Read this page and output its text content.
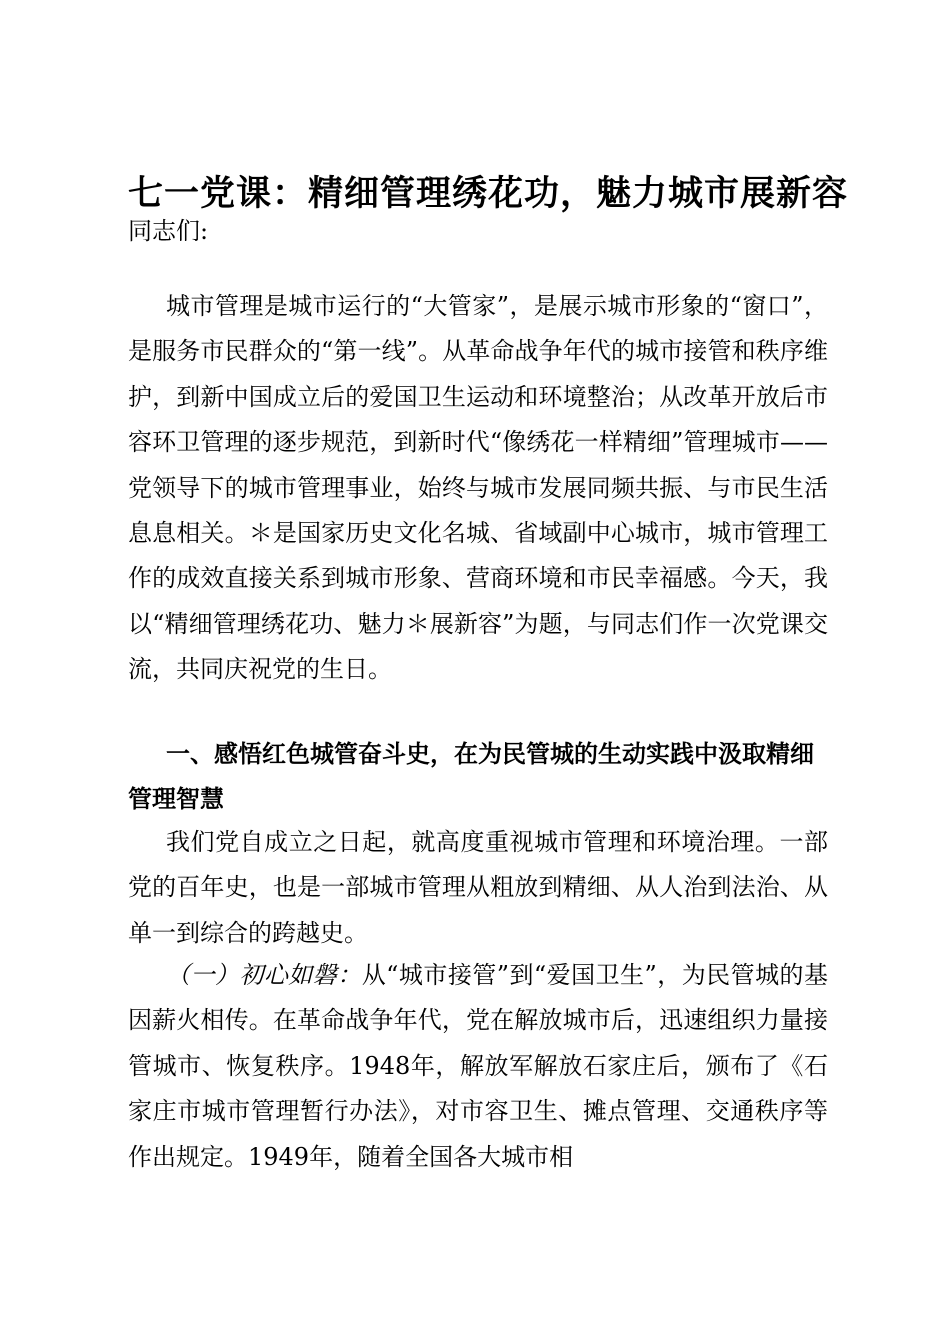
七一党课：精细管理绣花功，魅力城市展新容

同志们:

城市管理是城市运行的“大管家”，是展示城市形象的“窗口”，是服务市民群众的“第一线”。从革命战争年代的城市接管和秩序维护，到新中国成立后的爱国卫生运动和环境整治；从改革开放后市容环卫管理的逐步规范，到新时代“像绣花一样精细”管理城市——党领导下的城市管理事业，始终与城市发展同频共振、与市民生活息息相关。＊是国家历史文化名城、省域副中心城市，城市管理工作的成效直接关系到城市形象、营商环境和市民幸福感。今天，我以“精细管理绣花功、魅力＊展新容”为题，与同志们作一次党课交流，共同庆祝党的生日。

一、感悟红色城管奋斗史，在为民管城的生动实践中汲取精细管理智慧

我们党自成立之日起，就高度重视城市管理和环境治理。一部党的百年史，也是一部城市管理从粗放到精细、从人治到法治、从单一到综合的跨越史。

（一）初心如磐：从“城市接管”到“爱国卫生”，为民管城的基因薪火相传。在革命战争年代，党在解放城市后，迅速组织力量接管城市、恢复秩序。1948年，解放军解放石家庄后，颁布了《石家庄市城市管理暂行办法》，对市容卫生、摊点管理、交通秩序等作出规定。1949年，随着全国各大城市相
